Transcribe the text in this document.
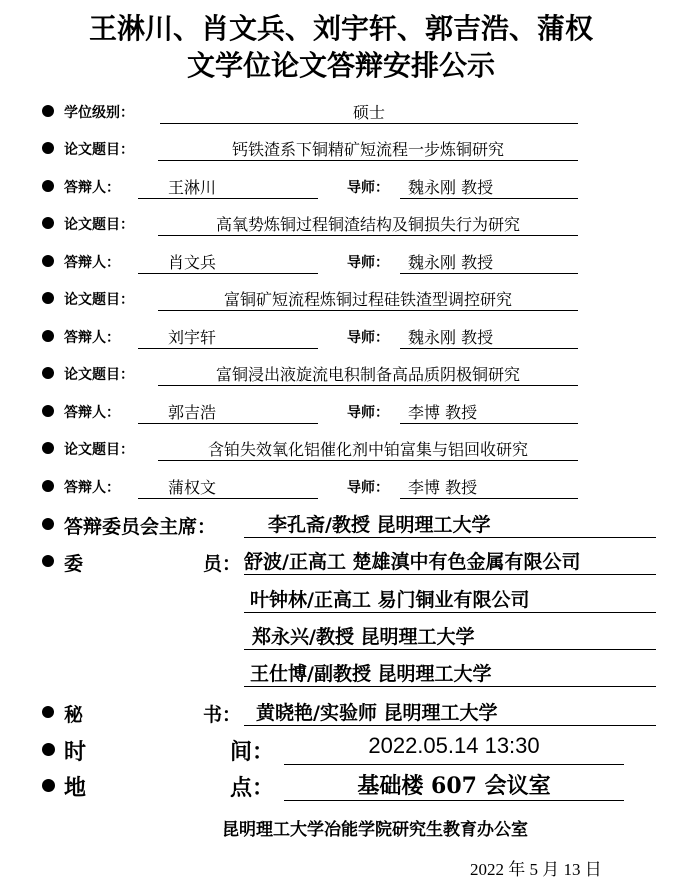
王淋川、肖文兵、刘宇轩、郭吉浩、蒲权
文学位论文答辩安排公示
学位级别：	硕士
论文题目：	钙铁渣系下铜精矿短流程一步炼铜研究
答辩人：	王淋川	导师：	魏永刚 教授
论文题目：	高氧势炼铜过程铜渣结构及铜损失行为研究
答辩人：	肖文兵	导师：	魏永刚 教授
论文题目：	富铜矿短流程炼铜过程硅铁渣型调控研究
答辩人：	刘宇轩	导师：	魏永刚 教授
论文题目：	富铜浸出液旋流电积制备高品质阴极铜研究
答辩人：	郭吉浩	导师：	李博 教授
论文题目：	含铂失效氧化铝催化剂中铂富集与铝回收研究
答辩人：	蒲权文	导师：	李博 教授
答辩委员会主席：	李孔斋/教授 昆明理工大学
委	员： 舒波/正高工 楚雄滇中有色金属有限公司
叶钟林/正高工 易门铜业有限公司
郑永兴/教授 昆明理工大学
王仕博/副教授 昆明理工大学
秘	书： 黄晓艳/实验师 昆明理工大学
时	间：	2022.05.14 13:30
地	点：	基础楼 607 会议室
昆明理工大学冶能学院研究生教育办公室
2022 年 5 月 13 日
